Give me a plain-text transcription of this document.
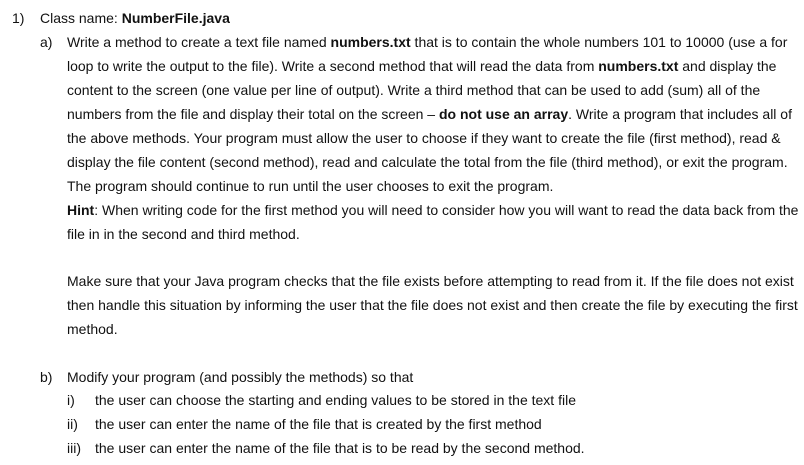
1) Class name: NumberFile.java
a) Write a method to create a text file named numbers.txt that is to contain the whole numbers 101 to 10000 (use a for
loop to write the output to the file). Write a second method that will read the data from numbers.txt and display the
content to the screen (one value per line of output). Write a third method that can be used to add (sum) all of the
numbers from the file and display their total on the screen – do not use an array. Write a program that includes all of
the above methods. Your program must allow the user to choose if they want to create the file (first method), read &
display the file content (second method), read and calculate the total from the file (third method), or exit the program.
The program should continue to run until the user chooses to exit the program.
Hint: When writing code for the first method you will need to consider how you will want to read the data back from the
file in in the second and third method.
Make sure that your Java program checks that the file exists before attempting to read from it. If the file does not exist
then handle this situation by informing the user that the file does not exist and then create the file by executing the first
method.
b) Modify your program (and possibly the methods) so that
i) the user can choose the starting and ending values to be stored in the text file
ii) the user can enter the name of the file that is created by the first method
iii) the user can enter the name of the file that is to be read by the second method.
